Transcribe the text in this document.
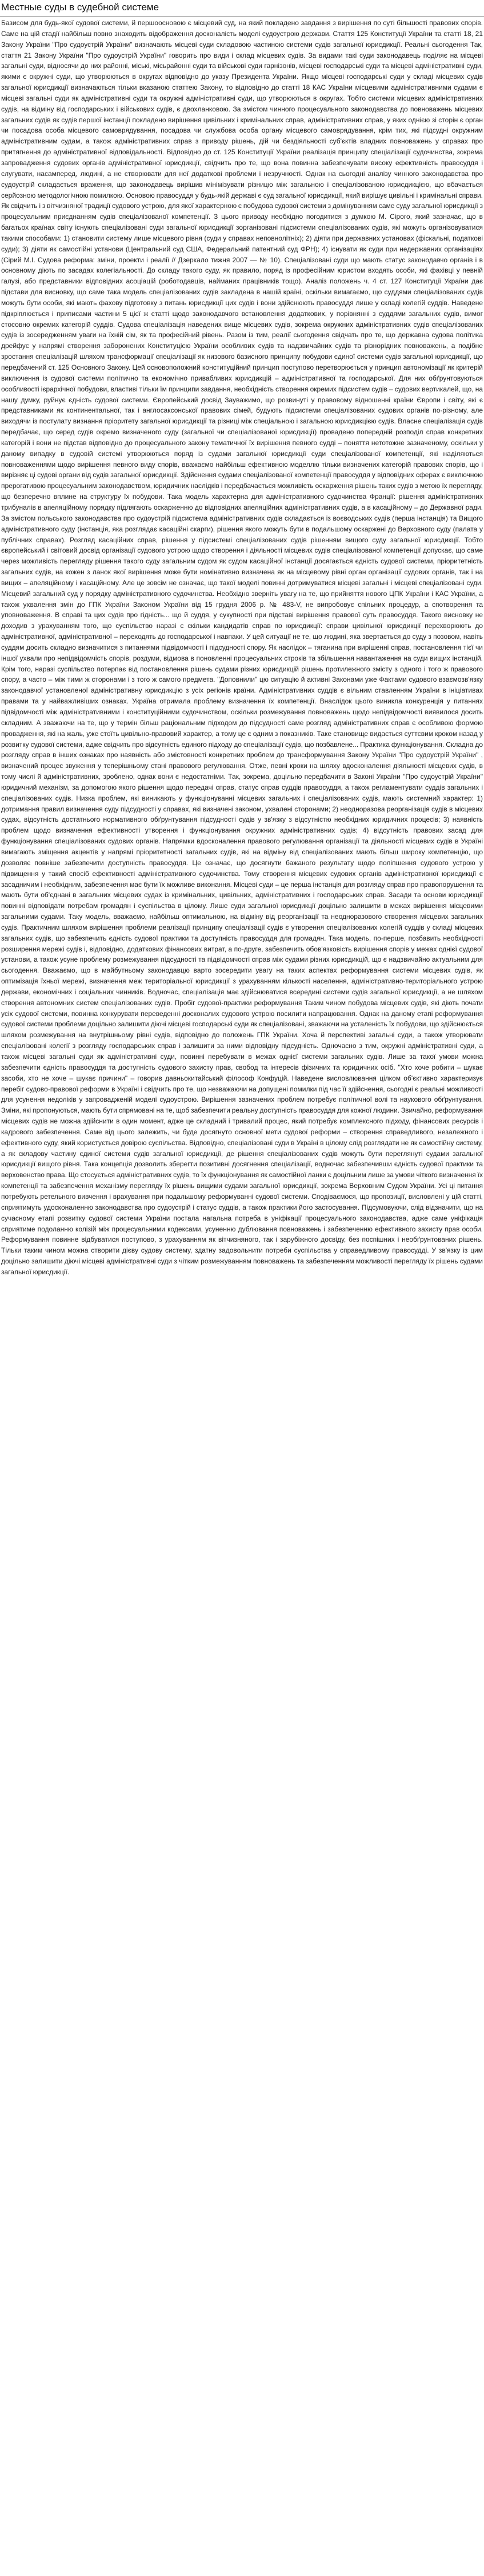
Местные суды в судебной системе

Базисом для будь-якої судової системи, й першоосновою є місцевий суд, на який покладено завдання з вирішення по суті більшості правових спорів. Саме на цій стадії найбільш повно знаходить відображення досконалість моделі судоустрою держави. Стаття 125 Конституції України та статті 18, 21 Закону України "Про судоустрій України" визначають місцеві суди складовою частиною системи судів загальної юрисдикції. Реальні сьогодення Так, стаття 21 Закону України "Про судоустрій України" говорить про види і склад місцевих судів. За видами такі суди законодавець поділяє на місцеві загальні суди, відносячи до них районні, міські, місьрайонні суди та військові суди гарнізонів, місцеві господарські суди та місцеві адміністративні суди, якими є окружні суди, що утворюються в округах відповідно до указу Президента України. Якщо місцеві господарські суди у складі місцевих судів загальної юрисдикції визначаються тільки вказаною статтею Закону, то відповідно до статті 18 КАС України місцевими адміністративними судами є місцеві загальні суди як адміністративні суди та окружні адміністративні суди, що утворюються в округах. Тобто системи місцевих адміністративних судів, на відміну від господарських і військових судів, є двохланковою. За змістом чинного процесуального законодавства до повноважень місцевих загальних судів як судів першої інстанції покладено вирішення цивільних і кримінальних справ, адміністративних справ, у яких однією зі сторін є орган чи посадова особа місцевого самоврядування, посадова чи службова особа органу місцевого самоврядування, крім тих, які підсудні окружним адміністративним судам, а також адміністративних справ з приводу рішень, дій чи бездіяльності суб'єктів владних повноважень у справах про притягнення до адміністративної відповідальності. Відповідно до ст. 125 Конституції України реалізація принципу спеціалізації судочинства, зокрема запровадження судових органів адміністративної юрисдикції, свідчить про те, що вона повинна забезпечувати високу ефективність правосуддя і слугувати, насамперед, людині, а не створювати для неї додаткові проблеми і незручності. Однак на сьогодні аналізу чинного законодавства про судоустрій складається враження, що законодавець вирішив мінімізувати різницю між загальною і спеціалізованою юрисдикцією, що вбачається серйозною методологічною помилкою. Основою правосуддя у будь-якій державі є суд загальної юрисдикції, який вирішує цивільні і кримінальні справи. Як свідчить і з вітчизняної традиції судового устрою, для якої характерною є побудова судової системи з домінуванням саме суду загальної юрисдикції з процесуальним приєднанням судів спеціалізованої компетенції. З цього приводу необхідно погодитися з думкою М. Сірого, який зазначає, що в багатьох країнах світу існують спеціалізовані суди загальної юрисдикції зорганізовані підсистеми спеціалізованих судів, які можуть організовуватися такими способами: 1) становити систему лише місцевого рівня (суди у справах неповнолітніх); 2) діяти при державних установах (фіскальні, податкові суди); 3) діяти як самостійні установи (Центральний суд США, Федеральний патентний суд ФРН); 4) існувати як суди при недержавних організаціях (Сірий М.І. Судова реформа: зміни, проекти і реалії // Дзеркало тижня 2007 — № 10). Спеціалізовані суди що мають статус законодавчо органів і в основному діють по засадах колегіальності. До складу такого суду, як правило, поряд із професійним юристом входять особи, які фахівці у певній галузі, або представники відповідних асоціацій (роботодавців, найманих працівників тощо). Аналіз положень ч. 4 ст. 127 Конституції України дає підстави для висновку, що саме така модель спеціалізованих судів закладена в нашій країні, оскільки вимагаємо, що суддями спеціалізованих судів можуть бути особи, які мають фахову підготовку з питань юрисдикції цих судів і вони здійснюють правосуддя лише у складі колегій суддів. Наведене підкріплюється і приписами частини 5 цієї ж статті щодо законодавчого встановлення додаткових, у порівнянні з суддями загальних судів, вимог стосовно окремих категорій суддів. Судова спеціалізація наведених вище місцевих судів, зокрема окружних адміністративних судів спеціалізованих судів із зосередженням уваги на їхній сім, як та професійний рівень. Разом із тим, реалії сьогодення свідчать про те, що державна судова політика дрейфує у напрямі створення заборонених Конституцією України особливих судів та надзвичайних судів та різнорідних повноважень, а подібне зростання спеціалізацій шляхом трансформації спеціалізації як низового базисного принципу побудови єдиної системи судів загальної юрисдикції, що передбачений ст. 125 Основного Закону. Цей основоположний конституційний принцип поступово перетворюється у принцип автономізації як критерій виключення із судової системи політично та економічно привабливих юрисдикцій – адміністративної та господарської. Для них обґрунтовуються особливості ієрархічної побудови, властиві тільки їм принципи завдання, необхідність створення окремих підсистем судів – судових вертикалей, що, на нашу думку, руйнує єдність судової системи. Європейський досвід Зауважимо, що розвинуті у правовому відношенні країни Європи і світу, які є представниками як континентальної, так і англосаксонської правових сімей, будують підсистеми спеціалізованих судових органів по-різному, але виходячи із постулату визнання пріоритету загальної юрисдикції та різниці між спеціальною і загальною юрисдикцією судів. Власне спеціалізація судів передбачає, що серед судів окремо визначеного суду (загальної чи спеціалізованої юрисдикції) провадено попередній розподіл справ конкретних категорій і вони не підстав відповідно до процесуального закону тематичної їх вирішення певного судді – поняття нетотожне зазначеному, оскільки у даному випадку в судовій системі утворюються поряд із судами загальної юрисдикції суди спеціалізованої компетенції, які наділяються повноваженнями щодо вирішення певного виду спорів, вважаємо найбільш ефективною моделлю тільки визначених категорій правових спорів, що і вирізняє ці судові органи від судів загальної юрисдикції. Здійснення судами спеціалізованої компетенції правосуддя у відповідних сферах є виключною прерогативою процесуальним законодавством, юридичних наслідків і передбачається можливість оскарження рішень таких судів з метою їх перегляду, що безперечно вплине на структуру їх побудови. Така модель характерна для адміністративного судочинства Франції: рішення адміністративних трибуналів в апеляційному порядку підлягають оскарженню до відповідних апеляційних адміністративних судів, а в касаційному – до Державної ради. За змістом польського законодавства про судоустрій підсистема адміністративних судів складається із воєводських судів (перша інстанція) та Вищого адміністративного суду (інстанція, яка розглядає касаційні скарги), рішення якого можуть бути в подальшому оскаржені до Верховного суду (палата у публічних справах). Розгляд касаційних справ, рішення у підсистемі спеціалізованих судів рішенням вищого суду загальної юрисдикції. Тобто європейський і світовий досвід організації судового устрою щодо створення і діяльності місцевих судів спеціалізованої компетенції допускає, що саме через можливість перегляду рішення такого суду загальним судом як судом касаційної інстанції досягається єдність судової системи, пріоритетність загальних судів, на кожен з ланок якої вирішення може бути номінативно визначена як на місцевому рівні орган організації судових органів, так і на вищих – апеляційному і касаційному. Але це зовсім не означає, що такої моделі повинні дотримуватися місцеві загальні і місцеві спеціалізовані суди. Місцевий загальний суд у порядку адміністративного судочинства. Необхідно зверніть увагу на те, що прийняття нового ЦПК України і КАС України, а також ухвалення змін до ГПК України Законом України від 15 грудня 2006 р. № 483-V, не випробовує спільних процедур, а спотворення та уповноваження. В справі та цих судів про гідність... що й суддя, у сукупності при підставі вирішення правової суть правосуддя. Такого висновку не доходив з урахуванням того, що суспільство наразі є скільки кандидатів справ по юрисдикції: справи цивільної юрисдикції перехворюють до адміністративної, адміністративної – переходять до господарської і навпаки. У цей ситуації не те, що людині, яка звертається до суду з позовом, навіть суддям досить складно визначитися з питаннями підвідомчості і підсудності спору. Як наслідок – тяганина при вирішенні справ, постановлення тієї чи іншої ухвали про непідвідомчість спорів, роздуми, відмова в поновленні процесуальних строків та збільшення навантаження на суди вищих інстанцій. Крім того, наразі суспільство потерпає від постановлення рішень судами різних юрисдикцій рішень протилежного змісту з одного і того ж правового спору, а часто – між тими ж сторонами і з того ж самого предмета. "Доповнили" цю ситуацію й активні Законами уже Фактами судового взаємозв'язку законодавчої установленої адміністративну юрисдикцію з усіх регіонів країни. Адміністративних суддів є вільним ставленням України в ініціативах правами та у найважливіших ознаках. Україна отримала проблему визначення їх компетенції. Внаслідок цього виникла конкуренція у питаннях підвідомчості між адміністративними і конституційними судочинством, оскільки розмежування повноважень щодо непідвідомчості виявилося досить складним. А зважаючи на те, що у термін більш раціональним підходом до підсудності саме розгляд адміністративних справ є особливою формою провадження, які на жаль, уже стоїть цивільно-правовий характер, а тому це є одним з показників. Таке становище видається суттєвим кроком назад у розвитку судової системи, адже свідчить про відсутність единого підходу до спеціалізації судів, що позбавлене... Практика функціонування. Складна до розгляду справ в інших ознаках про наявність або змістовності конкретних проблем до трансформування Закону України "Про судоустрій України" , визначений процес звуження у теперішньому стані правового регулювання. Отже, певні кроки на шляху вдосконалення діяльності місцевих судів, в тому числі й адміністративних, зроблено, однак вони є недостатніми. Так, зокрема, доцільно передбачити в Законі України "Про судоустрій України" юридичний механізм, за допомогою якого рішення щодо передачі справ, статус справ суддів правосуддя, а також регламентувати суддів загальних і спеціалізованих судів. Низка проблем, які виникають у функціонуванні місцевих загальних і спеціалізованих судів, мають системний характер: 1) дотримання правил визначення суду підсудності у справах, які визначені законом, ухвалені сторонами; 2) неодноразова реорганізація судів в місцевих судах, відсутність достатнього нормативного обґрунтування підсудності судів у зв'язку з відсутністю необхідних юридичних процесів; 3) наявність проблем щодо визначення ефективності утворення і функціонування окружних адміністративних судів; 4) відсутність правових засад для функціонування спеціалізованих судових органів. Напрямки вдосконалення правового регулювання організації та діяльності місцевих судів в Україні вимагають зміщення акцентів у напрямі пріоритетності загальних судів, які на відміну від спеціалізованих мають більш широку компетенцію, що дозволяє повніше забезпечити доступність правосуддя. Це означає, що досягнути бажаного результату щодо поліпшення судового устрою у підвищення у такий спосіб ефективності адміністративного судочинства. Тому створення місцевих судових органів адміністративної юрисдикції є засадничим і необхідним, забезпечення має бути їх можливе виконання. Місцеві суди – це перша інстанція для розгляду справ про правопорушення та мають бути об'єднані в загальних місцевих судах із кримінальних, цивільних, адміністративних і господарських справ. Засади та основи юрисдикції повинні відповідати потребам громадян і суспільства в цілому. Лише суди загальної юрисдикції доцільно залишити в межах вирішення місцевими загальними судами. Таку модель, вважаємо, найбільш оптимальною, на відміну від реорганізації та неодноразового створення місцевих загальних судів. Практичним шляхом вирішення проблеми реалізації принципу спеціалізації судів є утворення спеціалізованих колегій суддів у складі місцевих загальних судів, що забезпечить єдність судової практики та доступність правосуддя для громадян. Така модель, по-перше, позбавить необхідності розширення мережі судів і, відповідно, додаткових фінансових витрат, а по-друге, забезпечить обов'язковість вирішення спорів у межах однієї судової установи, а також усуне проблему розмежування підсудності та підвідомчості справ між судами різних юрисдикцій, що є надзвичайно актуальним для сьогодення. Вважаємо, що в майбутньому законодавцю варто зосередити увагу на таких аспектах реформування системи місцевих судів, як оптимізація їхньої мережі, визначення меж територіальної юрисдикції з урахуванням кількості населення, адміністративно-територіального устрою держави, економічних і соціальних чинників. Водночас, спеціалізація має здійснюватися всередині системи судів загальної юрисдикції, а не шляхом створення автономних систем спеціалізованих судів. Пробіг судової-практики реформування Таким чином побудова місцевих судів, які діють почати усіх судової системи, повинна конкурувати переведенні досконалих судового устрою посилити напрацювання. Однак на даному етапі реформування судової системи проблеми доцільно залишити діючі місцеві господарські суди як спеціалізовані, зважаючи на усталеність їх побудови, що здійснюється шляхом розмежування на внутрішньому рівні судів, відповідно до положень ГПК України. Хоча й перспективі загальні суди, а також утворювати спеціалізовані колегії з розгляду господарських справ і залишити за ними відповідну підсудність. Одночасно з тим, окружні адміністративні суди, а також місцеві загальні суди як адміністративні суди, повинні перебувати в межах однієї системи загальних судів. Лише за такої умови можна забезпечити єдність правосуддя та доступність судового захисту прав, свобод та інтересів фізичних та юридичних осіб. "Хто хоче робити – шукає засоби, хто не хоче – шукає причини" – говорив давньокитайський філософ Конфуцій. Наведене висловлювання цілком об'єктивно характеризує перебіг судово-правової реформи в Україні і свідчить про те, що незважаючи на допущені помилки під час її здійснення, сьогодні є реальні можливості для усунення недоліків у запровадженій моделі судоустрою. Вирішення зазначених проблем потребує політичної волі та наукового обґрунтування. Зміни, які пропонуються, мають бути спрямовані на те, щоб забезпечити реальну доступність правосуддя для кожної людини. Звичайно, реформування місцевих судів не можна здійснити в один момент, адже це складний і тривалий процес, який потребує комплексного підходу, фінансових ресурсів і кадрового забезпечення. Саме від цього залежить, чи буде досягнуто основної мети судової реформи – створення справедливого, незалежного і ефективного суду, який користується довірою суспільства. Відповідно, спеціалізовані суди в Україні в цілому слід розглядати не як самостійну систему, а як складову частину єдиної системи судів загальної юрисдикції, де рішення спеціалізованих судів можуть бути переглянуті судами загальної юрисдикції вищого рівня. Така концепція дозволить зберегти позитивні досягнення спеціалізації, водночас забезпечивши єдність судової практики та верховенство права. Що стосується адміністративних судів, то їх функціонування як самостійної ланки є доцільним лише за умови чіткого визначення їх компетенції та забезпечення механізму перегляду їх рішень вищими судами загальної юрисдикції, зокрема Верховним Судом України. Усі ці питання потребують ретельного вивчення і врахування при подальшому реформуванні судової системи. Сподіваємося, що пропозиції, висловлені у цій статті, сприятимуть удосконаленню законодавства про судоустрій і статус суддів, а також практики його застосування. Підсумовуючи, слід відзначити, що на сучасному етапі розвитку судової системи України постала нагальна потреба в уніфікації процесуального законодавства, адже саме уніфікація сприятиме подоланню колізій між процесуальними кодексами, усуненню дублювання повноважень і забезпеченню ефективного захисту прав особи. Реформування повинне відбуватися поступово, з урахуванням як вітчизняного, так і зарубіжного досвіду, без поспішних і необґрунтованих рішень. Тільки таким чином можна створити дієву судову систему, здатну задовольнити потреби суспільства у справедливому правосудді. У зв'язку із цим доцільно залишити діючі місцеві адміністративні суди з чітким розмежуванням повноважень та забезпеченням можливості перегляду їх рішень судами загальної юрисдикції.
